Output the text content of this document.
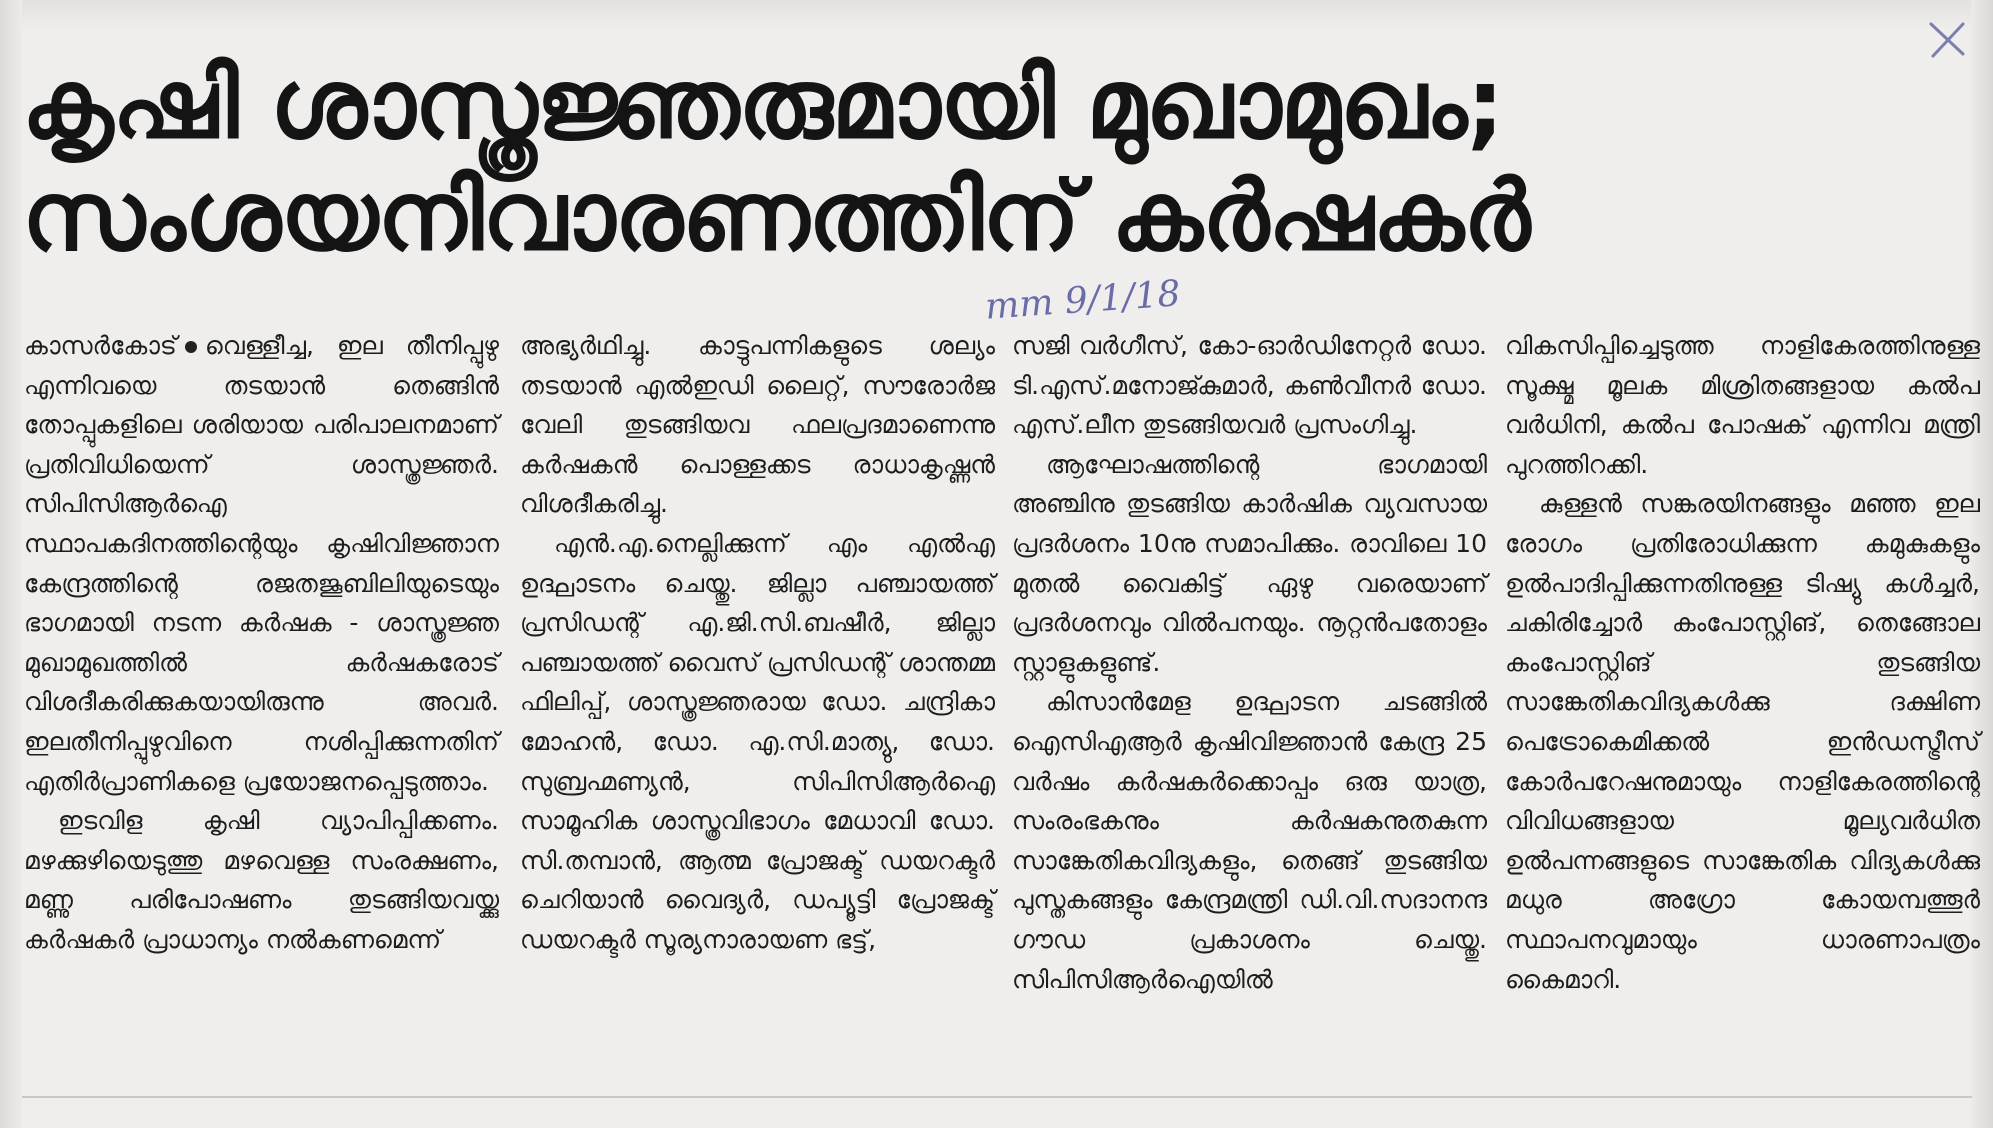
കൃഷി ശാസ്ത്രജ്ഞരുമായി മുഖാമുഖം;
സംശയനിവാരണത്തിന് കർഷകർ
mm 9/1/18

കാസർകോട് വെള്ളീച്ച, ഇല തീനിപ്പുഴു എന്നിവയെ തടയാൻ തെങ്ങിൻ തോപ്പുകളിലെ ശരിയായ പരിപാലനമാണ് പ്രതിവിധിയെന്ന് ശാസ്ത്രജ്ഞർ. സിപിസിആർഐ സ്ഥാപകദിനത്തിന്റെയും കൃഷിവിജ്ഞാന കേന്ദ്രത്തിന്റെ രജതജൂബിലിയുടെയും ഭാഗമായി നടന്ന കർഷക - ശാസ്ത്രജ്ഞ മുഖാമുഖത്തിൽ കർഷകരോട് വിശദീകരിക്കുകയായിരുന്നു അവർ. ഇലതീനിപ്പുഴുവിനെ നശിപ്പിക്കുന്നതിന് എതിർപ്രാണികളെ പ്രയോജനപ്പെടുത്താം.

ഇടവിള കൃഷി വ്യാപിപ്പിക്കണം. മഴക്കുഴിയെടുത്തു മഴവെള്ള സംരക്ഷണം, മണ്ണു പരിപോഷണം തുടങ്ങിയവയ്ക്കു കർഷകർ പ്രാധാന്യം നൽകണമെന്ന്

അഭ്യർഥിച്ചു. കാട്ടുപന്നികളുടെ ശല്യം തടയാൻ എൽഇഡി ലൈറ്റ്, സൗരോർജ വേലി തുടങ്ങിയവ ഫലപ്രദമാണെന്നു കർഷകൻ പൊള്ളക്കട രാധാകൃഷ്ണൻ വിശദീകരിച്ചു.

എൻ.എ.നെല്ലിക്കുന്ന് എം എൽഎ ഉദ്ഘാടനം ചെയ്തു. ജില്ലാ പഞ്ചായത്ത് പ്രസിഡന്റ് എ.ജി.സി.ബഷീർ, ജില്ലാ പഞ്ചായത്ത് വൈസ് പ്രസിഡന്റ് ശാന്തമ്മ ഫിലിപ്പ്, ശാസ്ത്രജ്ഞരായ ഡോ. ചന്ദ്രികാ മോഹൻ, ഡോ. എ.സി.മാത്യു, ഡോ. സുബ്രഹ്മണ്യൻ, സിപിസിആർഐ സാമൂഹിക ശാസ്ത്രവിഭാഗം മേധാവി ഡോ. സി.തമ്പാൻ, ആത്മ പ്രോജക്ട് ഡയറക്ടർ ചെറിയാൻ വൈദ്യർ, ഡപ്യൂട്ടി പ്രോജക്ട് ഡയറക്ടർ സൂര്യനാരായണ ഭട്ട്,

സജി വർഗീസ്, കോ-ഓർഡിനേറ്റർ ഡോ. ടി.എസ്.മനോജ്കുമാർ, കൺവീനർ ഡോ. എസ്.ലീന തുടങ്ങിയവർ പ്രസംഗിച്ചു.

ആഘോഷത്തിന്റെ ഭാഗമായി അഞ്ചിനു തുടങ്ങിയ കാർഷിക വ്യവസായ പ്രദർശനം 10നു സമാപിക്കും. രാവിലെ 10 മുതൽ വൈകിട്ട് ഏഴു വരെയാണ് പ്രദർശനവും വിൽപനയും. നൂറ്റൻപതോളം സ്റ്റാളുകളുണ്ട്.

കിസാൻമേള ഉദ്ഘാടന ചടങ്ങിൽ ഐസിഎആർ കൃഷിവിജ്ഞാൻ കേന്ദ്ര 25 വർഷം കർഷകർക്കൊപ്പം ഒരു യാത്ര, സംരംഭകനും കർഷകനുതകുന്ന സാങ്കേതികവിദ്യകളും, തെങ്ങ് തുടങ്ങിയ പുസ്തകങ്ങളും കേന്ദ്രമന്ത്രി ഡി.വി.സദാനന്ദ ഗൗഡ പ്രകാശനം ചെയ്തു. സിപിസിആർഐയിൽ

വികസിപ്പിച്ചെടുത്ത നാളികേരത്തിനുള്ള സൂക്ഷ്മ മൂലക മിശ്രിതങ്ങളായ കൽപ വർധിനി, കൽപ പോഷക് എന്നിവ മന്ത്രി പുറത്തിറക്കി.

കുള്ളൻ സങ്കരയിനങ്ങളും മഞ്ഞ ഇല രോഗം പ്രതിരോധിക്കുന്ന കമുകുകളും ഉൽപാദിപ്പിക്കുന്നതിനുള്ള ടിഷ്യു കൾച്ചർ, ചകിരിച്ചോർ കംപോസ്റ്റിങ്, തെങ്ങോല കംപോസ്റ്റിങ് തുടങ്ങിയ സാങ്കേതികവിദ്യകൾക്കു ദക്ഷിണ പെട്രോകെമിക്കൽ ഇൻഡസ്ട്രീസ് കോർപറേഷനുമായും നാളികേരത്തിന്റെ വിവിധങ്ങളായ മൂല്യവർധിത ഉൽപന്നങ്ങളുടെ സാങ്കേതിക വിദ്യകൾക്കു മധുര അഗ്രോ കോയമ്പത്തൂർ സ്ഥാപനവുമായും ധാരണാപത്രം കൈമാറി.
